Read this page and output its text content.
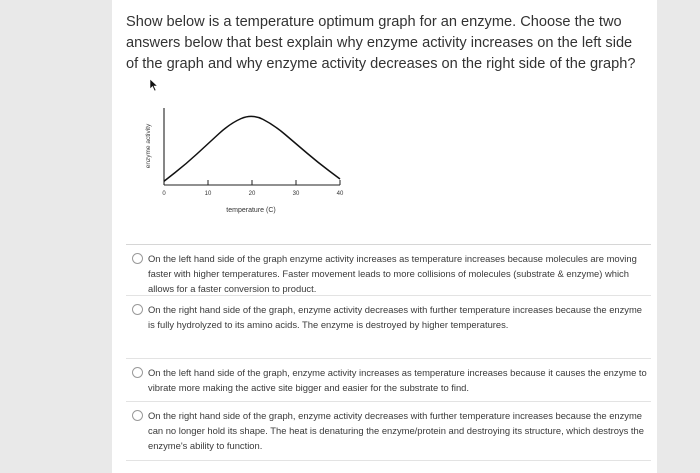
Show below is a temperature optimum graph for an enzyme. Choose the two answers below that best explain why enzyme activity increases on the left side of the graph and why enzyme activity decreases on the right side of the graph?
enzyme activity
temperature (C)
0	10	20	30	40
On the left hand side of the graph enzyme activity increases as temperature increases because molecules are moving faster with higher temperatures. Faster movement leads to more collisions of molecules (substrate & enzyme) which allows for a faster conversion to product.
On the right hand side of the graph, enzyme activity decreases with further temperature increases because the enzyme is fully hydrolyzed to its amino acids. The enzyme is destroyed by higher temperatures.
On the left hand side of the graph, enzyme activity increases as temperature increases because it causes the enzyme to vibrate more making the active site bigger and easier for the substrate to find.
On the right hand side of the graph, enzyme activity decreases with further temperature increases because the enzyme can no longer hold its shape. The heat is denaturing the enzyme/protein and destroying its structure, which destroys the enzyme's ability to function.
